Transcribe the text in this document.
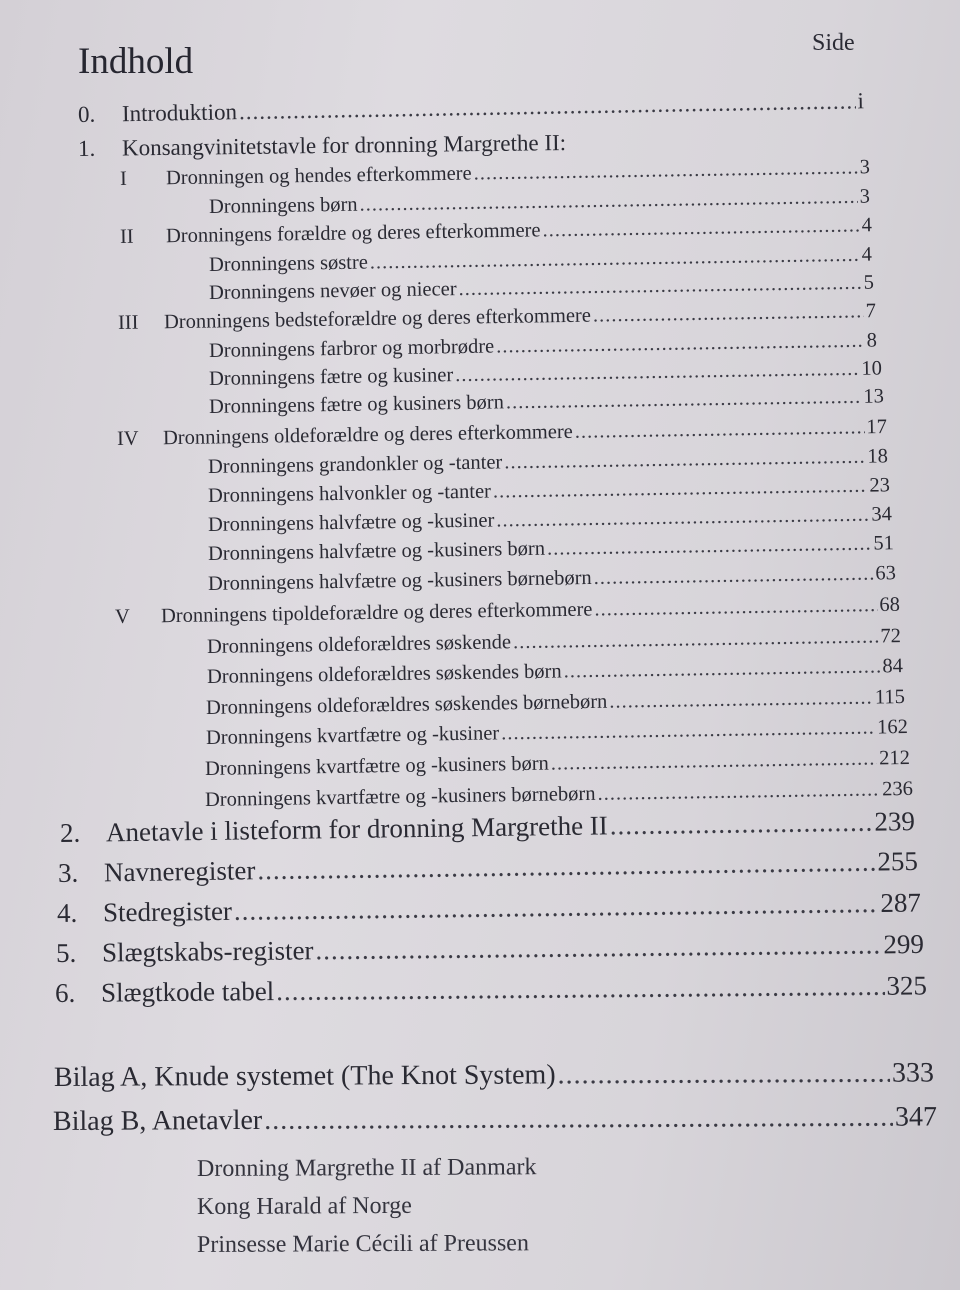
Indhold	Side
0.	Introduktion .....	i
1.	Konsangvinitetstavle for dronning Margrethe II:
I	Dronningen og hendes efterkommere .....	3
Dronningens børn .....	3
II	Dronningens forældre og deres efterkommere .....	4
Dronningens søstre .....	4
Dronningens nevøer og niecer .....	5
III	Dronningens bedsteforældre og deres efterkommere .....	7
Dronningens farbror og morbrødre .....	8
Dronningens fætre og kusiner .....	10
Dronningens fætre og kusiners børn .....	13
IV	Dronningens oldeforældre og deres efterkommere .....	17
Dronningens grandonkler og -tanter .....	18
Dronningens halvonkler og -tanter .....	23
Dronningens halvfætre og -kusiner .....	34
Dronningens halvfætre og -kusiners børn .....	51
Dronningens halvfætre og -kusiners børnebørn .....	63
V	Dronningens tipoldeforældre og deres efterkommere .....	68
Dronningens oldeforældres søskende .....	72
Dronningens oldeforældres søskendes børn .....	84
Dronningens oldeforældres søskendes børnebørn .....	115
Dronningens kvartfætre og -kusiner .....	162
Dronningens kvartfætre og -kusiners børn .....	212
Dronningens kvartfætre og -kusiners børnebørn .....	236
2. Anetavle i listeform for dronning Margrethe II .....	239
3. Navneregister .....	255
4. Stedregister .....	287
5. Slægtskabs-register .....	299
6. Slægtkode tabel .....	325
Bilag A, Knude systemet (The Knot System) .....	333
Bilag B, Anetavler .....	347
Dronning Margrethe II af Danmark
Kong Harald af Norge
Prinsesse Marie Cécili af Preussen
